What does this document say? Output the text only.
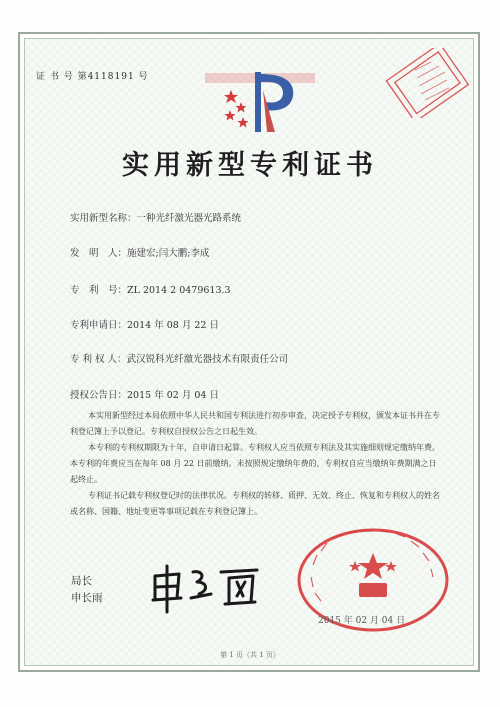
证 书 号 第4118191 号
实用新型专利证书
实用新型名称：一种光纤激光器光路系统
发　明　人：施建宏;闫大鹏;李成
专　利　号：ZL 2014 2 0479613.3
专利申请日：2014 年 08 月 22 日
专 利 权 人：武汉锐科光纤激光器技术有限责任公司
授权公告日：2015 年 02 月 04 日

本实用新型经过本局依照中华人民共和国专利法进行初步审查，决定授予专利权，颁发本证书并在专利登记簿上予以登记。专利权自授权公告之日起生效。

本专利的专利权期限为十年，自申请日起算。专利权人应当依照专利法及其实施细则规定缴纳年费。本专利的年费应当在每年 08 月 22 日前缴纳。未按照规定缴纳年费的，专利权自应当缴纳年费期满之日起终止。

专利证书记载专利权登记时的法律状况。专利权的转移、质押、无效、终止、恢复和专利权人的姓名或名称、国籍、地址变更等事项记载在专利登记簿上。

局长
申长雨
2015 年 02 月 04 日
第 1 页（共 1 页）
